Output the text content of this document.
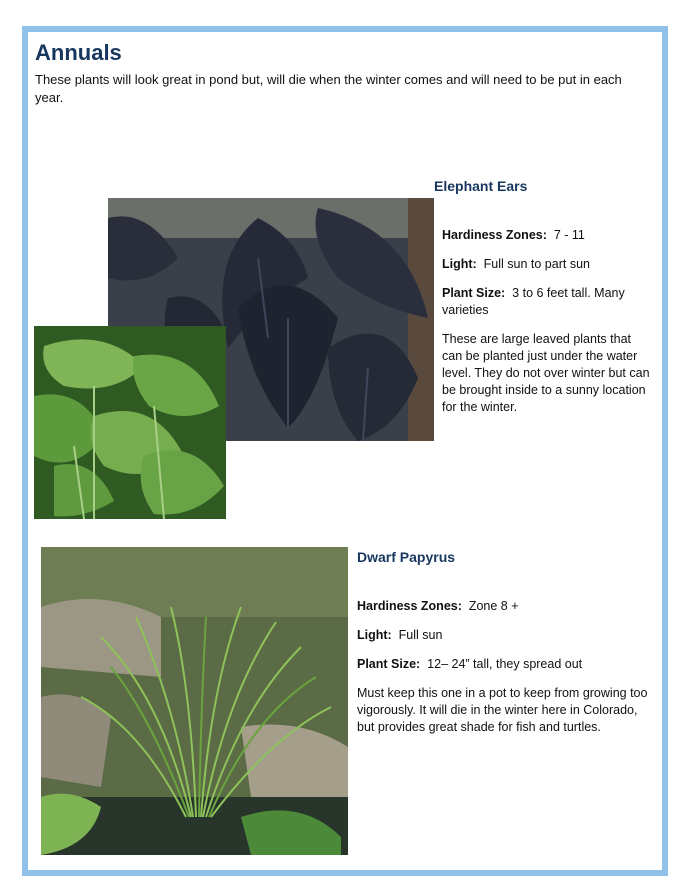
Annuals

These plants will look great in pond but, will die when the winter comes and will need to be put in each year.

Elephant Ears

Hardiness Zones: 7 - 11

Light: Full sun to part sun

Plant Size: 3 to 6 feet tall. Many varieties

These are large leaved plants that can be planted just under the water level. They do not over winter but can be brought inside to a sunny location for the winter.

Dwarf Papyrus

Hardiness Zones: Zone 8 +

Light: Full sun

Plant Size: 12– 24” tall, they spread out

Must keep this one in a pot to keep from growing too vigorously. It will die in the winter here in Colorado, but provides great shade for fish and turtles.
